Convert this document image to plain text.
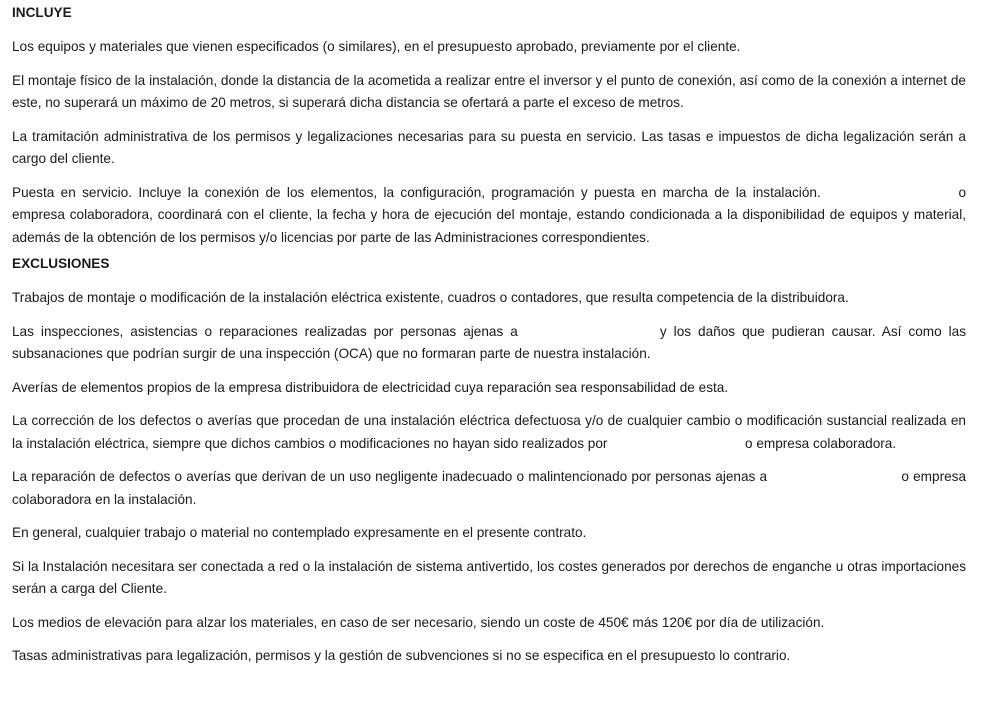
INCLUYE

Los equipos y materiales que vienen especificados (o similares), en el presupuesto aprobado, previamente por el cliente.

El montaje físico de la instalación, donde la distancia de la acometida a realizar entre el inversor y el punto de conexión, así como de la conexión a internet de este, no superará un máximo de 20 metros, si superará dicha distancia se ofertará a parte el exceso de metros.

La tramitación administrativa de los permisos y legalizaciones necesarias para su puesta en servicio. Las tasas e impuestos de dicha legalización serán a cargo del cliente.

Puesta en servicio. Incluye la conexión de los elementos, la configuración, programación y puesta en marcha de la instalación.	o empresa colaboradora, coordinará con el cliente, la fecha y hora de ejecución del montaje, estando condicionada a la disponibilidad de equipos y material, además de la obtención de los permisos y/o licencias por parte de las Administraciones correspondientes.

EXCLUSIONES

Trabajos de montaje o modificación de la instalación eléctrica existente, cuadros o contadores, que resulta competencia de la distribuidora.

Las inspecciones, asistencias o reparaciones realizadas por personas ajenas a	y los daños que pudieran causar. Así como las subsanaciones que podrían surgir de una inspección (OCA) que no formaran parte de nuestra instalación.

Averías de elementos propios de la empresa distribuidora de electricidad cuya reparación sea responsabilidad de esta.

La corrección de los defectos o averías que procedan de una instalación eléctrica defectuosa y/o de cualquier cambio o modificación sustancial realizada en la instalación eléctrica, siempre que dichos cambios o modificaciones no hayan sido realizados por	o empresa colaboradora.

La reparación de defectos o averías que derivan de un uso negligente inadecuado o malintencionado por personas ajenas a	o empresa colaboradora en la instalación.

En general, cualquier trabajo o material no contemplado expresamente en el presente contrato.

Si la Instalación necesitara ser conectada a red o la instalación de sistema antivertido, los costes generados por derechos de enganche u otras importaciones serán a carga del Cliente.

Los medios de elevación para alzar los materiales, en caso de ser necesario, siendo un coste de 450€ más 120€ por día de utilización.

Tasas administrativas para legalización, permisos y la gestión de subvenciones si no se especifica en el presupuesto lo contrario.
